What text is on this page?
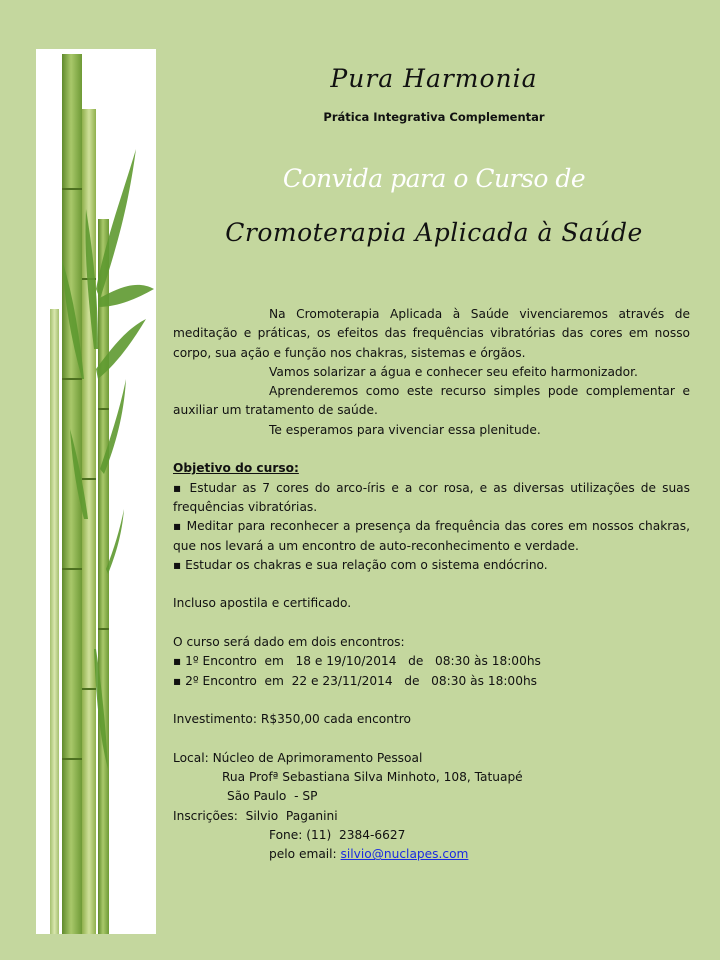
Pura Harmonia
Prática Integrativa Complementar
Convida para o Curso de
Cromoterapia Aplicada à Saúde

Na Cromoterapia Aplicada à Saúde vivenciaremos através de meditação e práticas, os efeitos das frequências vibratórias das cores em nosso corpo, sua ação e função nos chakras, sistemas e órgãos.

Vamos solarizar a água e conhecer seu efeito harmonizador.

Aprenderemos como este recurso simples pode complementar e auxiliar um tratamento de saúde.

Te esperamos para vivenciar essa plenitude.

Objetivo do curso:

▪ Estudar as 7 cores do arco-íris e a cor rosa, e as diversas utilizações de suas frequências vibratórias.

▪ Meditar para reconhecer a presença da frequência das cores em nossos chakras, que nos levará a um encontro de auto-reconhecimento e verdade.

▪ Estudar os chakras e sua relação com o sistema endócrino.

Incluso apostila e certificado.

O curso será dado em dois encontros:

▪ 1º Encontro  em   18 e 19/10/2014   de   08:30 às 18:00hs

▪ 2º Encontro  em  22 e 23/11/2014   de   08:30 às 18:00hs

Investimento: R$350,00 cada encontro

Local: Núcleo de Aprimoramento Pessoal

Rua Profª Sebastiana Silva Minhoto, 108, Tatuapé

São Paulo  - SP

Inscrições:  Silvio  Paganini

Fone: (11)  2384-6627

pelo email: silvio@nuclapes.com
